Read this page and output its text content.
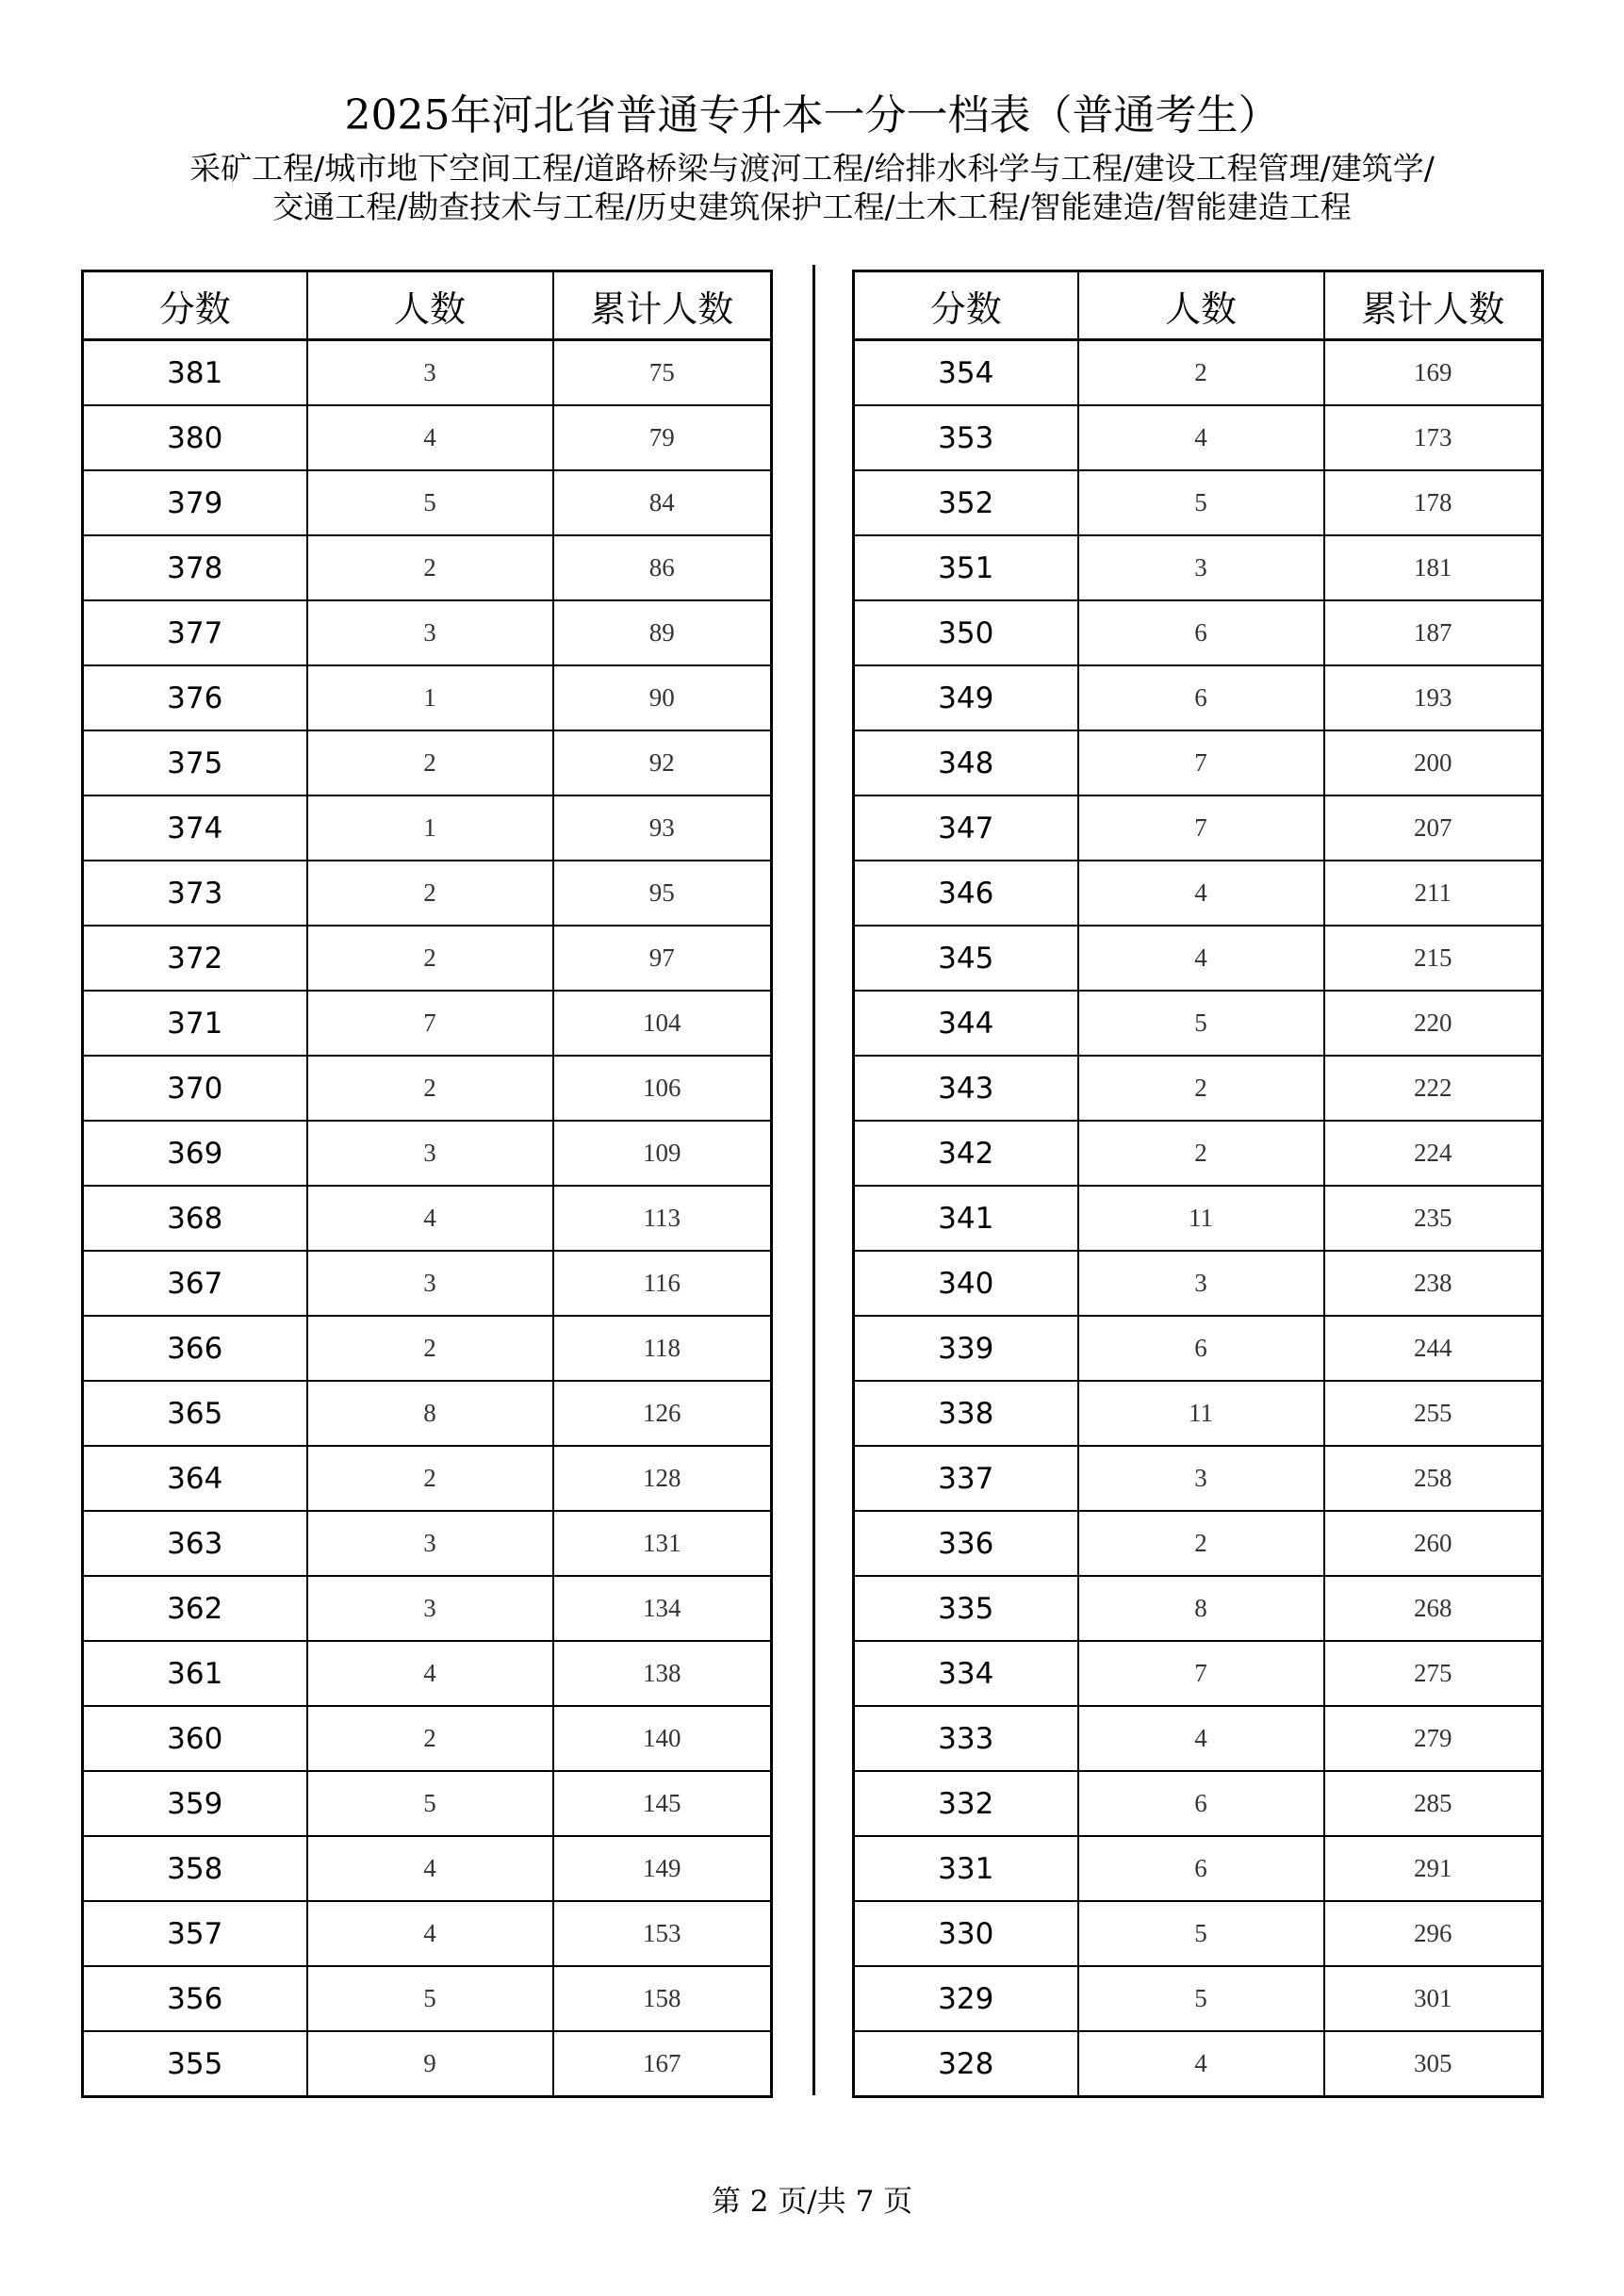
2025年河北省普通专升本一分一档表（普通考生）
采矿工程/城市地下空间工程/道路桥梁与渡河工程/给排水科学与工程/建设工程管理/建筑学/
交通工程/勘查技术与工程/历史建筑保护工程/土木工程/智能建造/智能建造工程
分数	人数	累计人数
381	3	75
380	4	79
379	5	84
378	2	86
377	3	89
376	1	90
375	2	92
374	1	93
373	2	95
372	2	97
371	7	104
370	2	106
369	3	109
368	4	113
367	3	116
366	2	118
365	8	126
364	2	128
363	3	131
362	3	134
361	4	138
360	2	140
359	5	145
358	4	149
357	4	153
356	5	158
355	9	167
分数	人数	累计人数
354	2	169
353	4	173
352	5	178
351	3	181
350	6	187
349	6	193
348	7	200
347	7	207
346	4	211
345	4	215
344	5	220
343	2	222
342	2	224
341	11	235
340	3	238
339	6	244
338	11	255
337	3	258
336	2	260
335	8	268
334	7	275
333	4	279
332	6	285
331	6	291
330	5	296
329	5	301
328	4	305
第 2 页/共 7 页
